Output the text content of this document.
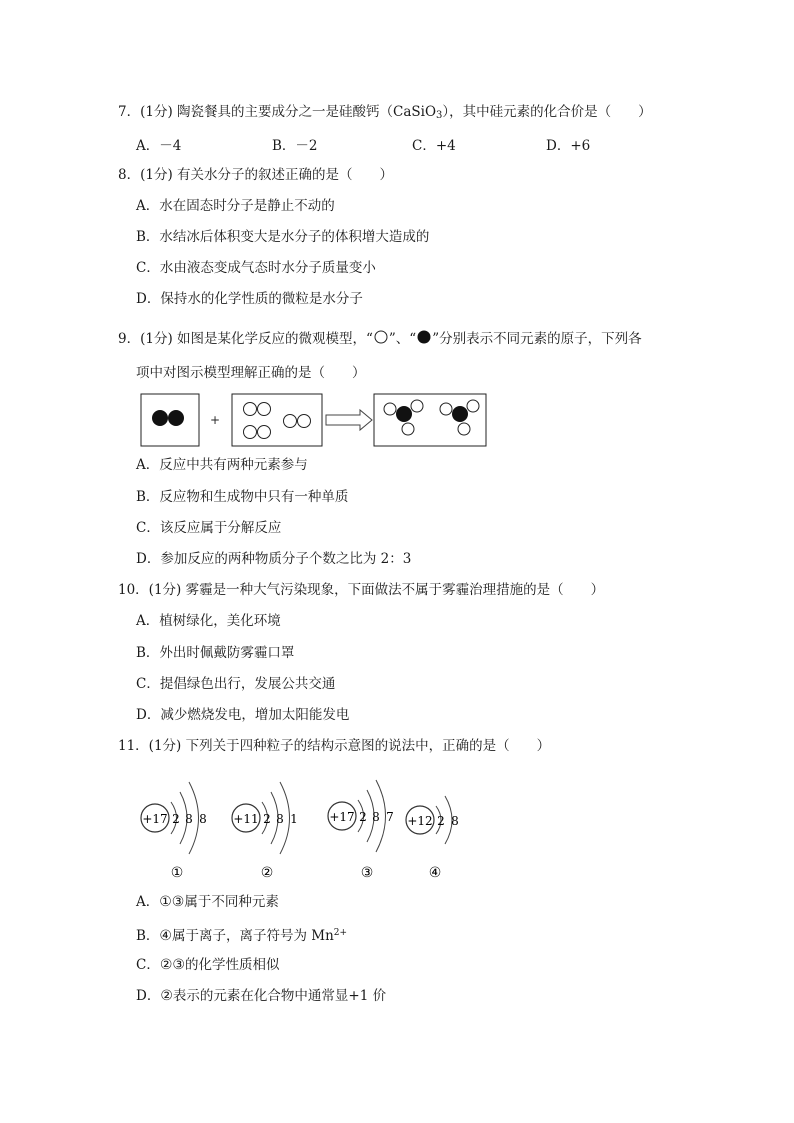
7．(1分) 陶瓷餐具的主要成分之一是硅酸钙（CaSiO$_3$），其中硅元素的化合价是（　　）
A．－4	B．－2	C．+4	D．+6
8．(1分) 有关水分子的叙述正确的是（　　）
A．水在固态时分子是静止不动的
B．水结冰后体积变大是水分子的体积增大造成的
C．水由液态变成气态时水分子质量变小
D．保持水的化学性质的微粒是水分子
9．(1分) 如图是某化学反应的微观模型，“ ”、“ ”分别表示不同元素的原子，下列各
项中对图示模型理解正确的是（　　）
+
A．反应中共有两种元素参与
B．反应物和生成物中只有一种单质
C．该反应属于分解反应
D．参加反应的两种物质分子个数之比为 2：3
10．(1分) 雾霾是一种大气污染现象，下面做法不属于雾霾治理措施的是（　　）
A．植树绿化，美化环境
B．外出时佩戴防雾霾口罩
C．提倡绿色出行，发展公共交通
D．减少燃烧发电，增加太阳能发电
11．(1分) 下列关于四种粒子的结构示意图的说法中，正确的是（　　）
+17 2 8 8
①
+11 2 8 1
②
+17 2 8 7
③
+12 2 8
④
A．①③属于不同种元素
B．④属于离子，离子符号为 $Mn^{2+}$
C．②③的化学性质相似
D．②表示的元素在化合物中通常显+1 价
